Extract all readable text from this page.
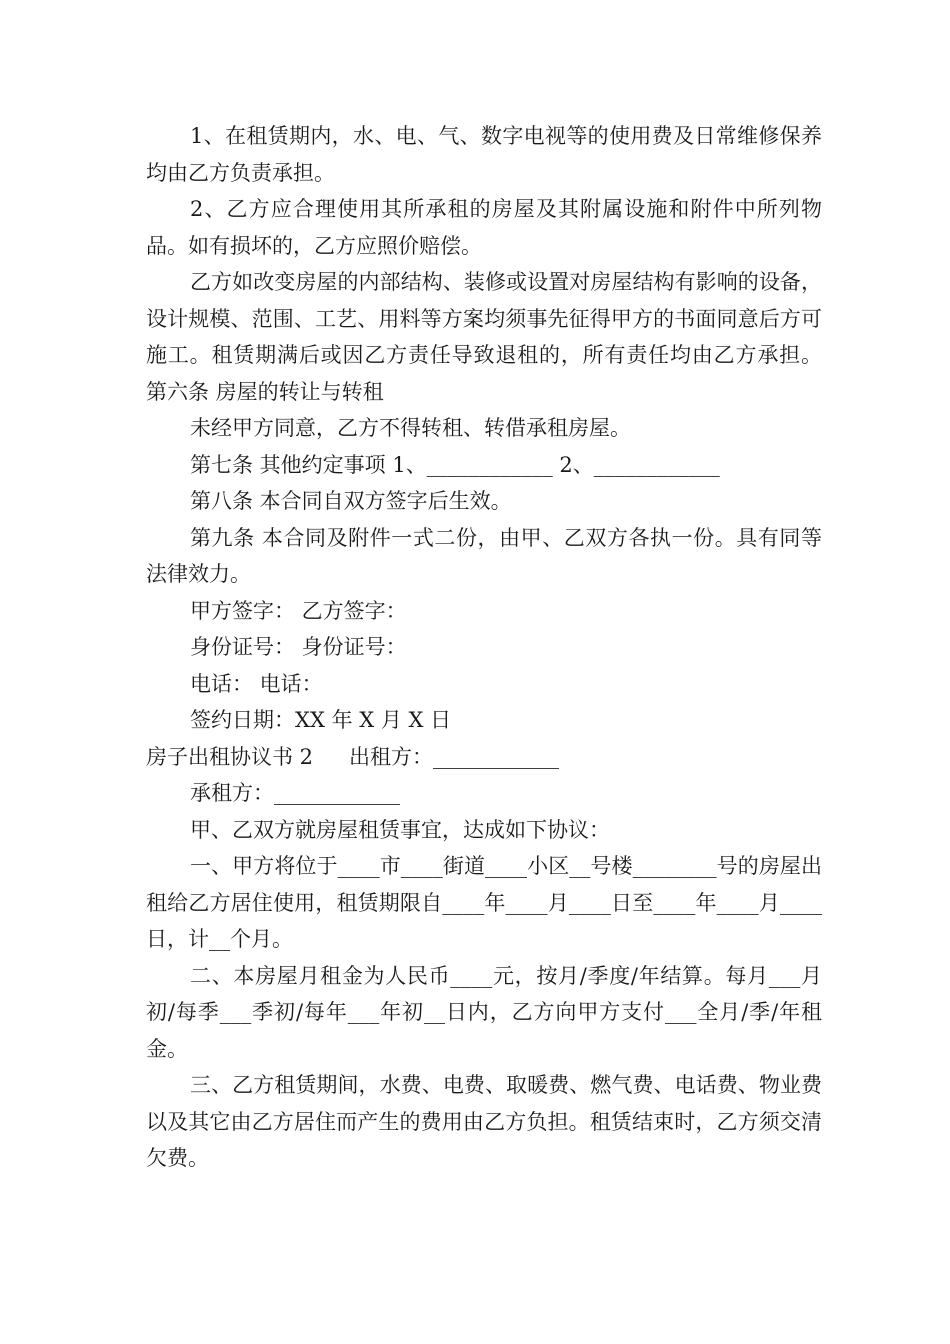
1、在租赁期内，水、电、气、数字电视等的使用费及日常维修保养均由乙方负责承担。

2、乙方应合理使用其所承租的房屋及其附属设施和附件中所列物品。如有损坏的，乙方应照价赔偿。

乙方如改变房屋的内部结构、装修或设置对房屋结构有影响的设备，设计规模、范围、工艺、用料等方案均须事先征得甲方的书面同意后方可施工。租赁期满后或因乙方责任导致退租的，所有责任均由乙方承担。 第六条 房屋的转让与转租

未经甲方同意，乙方不得转租、转借承租房屋。

第七条 其他约定事项 1、____________ 2、____________

第八条 本合同自双方签字后生效。

第九条 本合同及附件一式二份，由甲、乙双方各执一份。具有同等法律效力。

甲方签字： 乙方签字：

身份证号： 身份证号：

电话： 电话：

签约日期：XX 年 X 月 X 日

房子出租协议书 2 出租方：____________

承租方：____________

甲、乙双方就房屋租赁事宜，达成如下协议：

一、甲方将位于____市____街道____小区__号楼________号的房屋出租给乙方居住使用，租赁期限自____年____月____日至____年____月____日，计__个月。

二、本房屋月租金为人民币____元，按月/季度/年结算。每月___月初/每季___季初/每年___年初__日内，乙方向甲方支付___全月/季/年租金。

三、乙方租赁期间，水费、电费、取暖费、燃气费、电话费、物业费以及其它由乙方居住而产生的费用由乙方负担。租赁结束时，乙方须交清欠费。
